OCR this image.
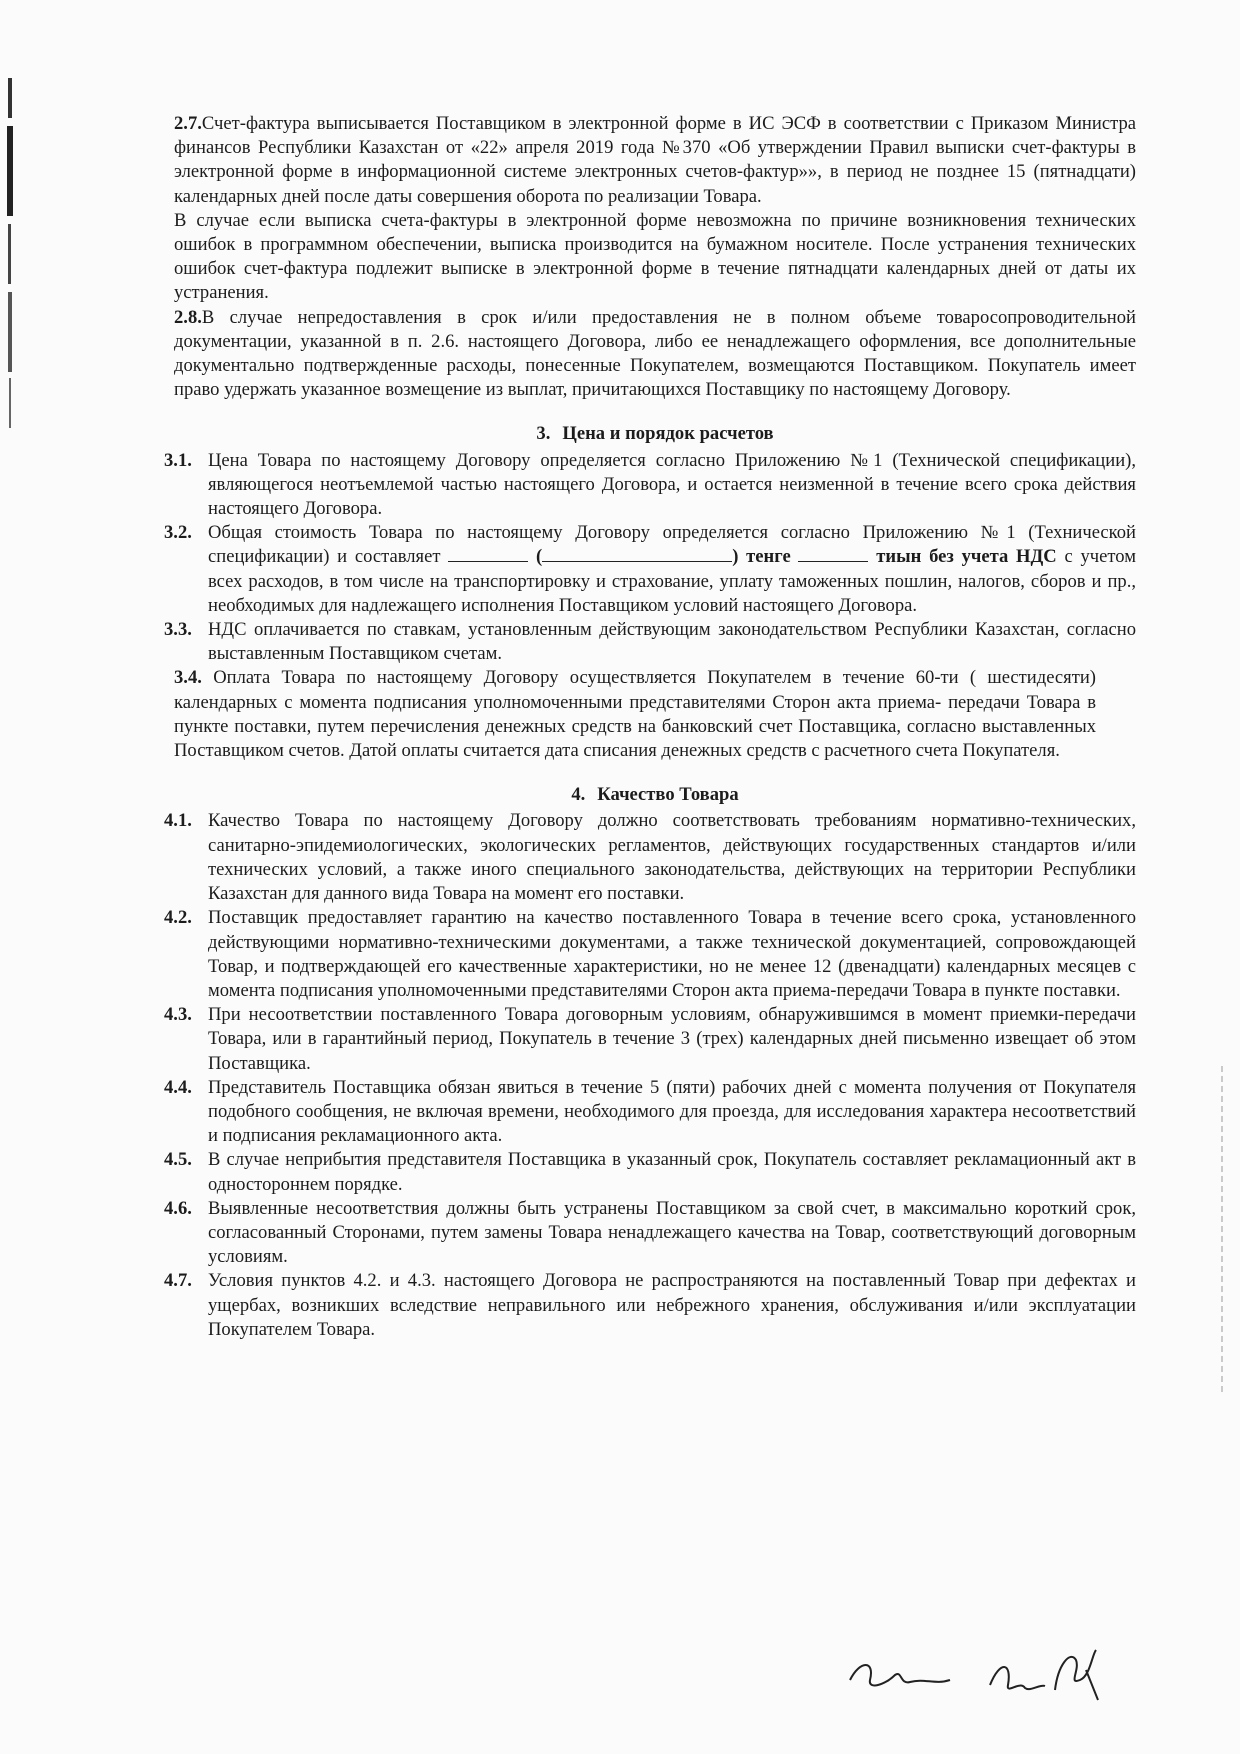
2.7.Счет-фактура выписывается Поставщиком в электронной форме в ИС ЭСФ в соответствии с Приказом Министра финансов Республики Казахстан от «22» апреля 2019 года №370 «Об утверждении Правил выписки счет-фактуры в электронной форме в информационной системе электронных счетов-фактур»», в период не позднее 15 (пятнадцати) календарных дней после даты совершения оборота по реализации Товара.

В случае если выписка счета-фактуры в электронной форме невозможна по причине возникновения технических ошибок в программном обеспечении, выписка производится на бумажном носителе. После устранения технических ошибок счет-фактура подлежит выписке в электронной форме в течение пятнадцати календарных дней от даты их устранения.

2.8.В случае непредоставления в срок и/или предоставления не в полном объеме товаросопроводительной документации, указанной в п. 2.6. настоящего Договора, либо ее ненадлежащего оформления, все дополнительные документально подтвержденные расходы, понесенные Покупателем, возмещаются Поставщиком. Покупатель имеет право удержать указанное возмещение из выплат, причитающихся Поставщику по настоящему Договору.

3. Цена и порядок расчетов

3.1. Цена Товара по настоящему Договору определяется согласно Приложению №1 (Технической спецификации), являющегося неотъемлемой частью настоящего Договора, и остается неизменной в течение всего срока действия настоящего Договора.

3.2. Общая стоимость Товара по настоящему Договору определяется согласно Приложению №1 (Технической спецификации) и составляет	(	) тенге	тиын без учета НДС с учетом всех расходов, в том числе на транспортировку и страхование, уплату таможенных пошлин, налогов, сборов и пр., необходимых для надлежащего исполнения Поставщиком условий настоящего Договора.

3.3. НДС оплачивается по ставкам, установленным действующим законодательством Республики Казахстан, согласно выставленным Поставщиком счетам.

3.4. Оплата Товара по настоящему Договору осуществляется Покупателем в течение 60-ти ( шестидесяти) календарных с момента подписания уполномоченными представителями Сторон акта приема- передачи Товара в пункте поставки, путем перечисления денежных средств на банковский счет Поставщика, согласно выставленных Поставщиком счетов. Датой оплаты считается дата списания денежных средств с расчетного счета Покупателя.

4. Качество Товара

4.1. Качество Товара по настоящему Договору должно соответствовать требованиям нормативно-технических, санитарно-эпидемиологических, экологических регламентов, действующих государственных стандартов и/или технических условий, а также иного специального законодательства, действующих на территории Республики Казахстан для данного вида Товара на момент его поставки.

4.2. Поставщик предоставляет гарантию на качество поставленного Товара в течение всего срока, установленного действующими нормативно-техническими документами, а также технической документацией, сопровождающей Товар, и подтверждающей его качественные характеристики, но не менее 12 (двенадцати) календарных месяцев с момента подписания уполномоченными представителями Сторон акта приема-передачи Товара в пункте поставки.

4.3. При несоответствии поставленного Товара договорным условиям, обнаружившимся в момент приемки-передачи Товара, или в гарантийный период, Покупатель в течение 3 (трех) календарных дней письменно извещает об этом Поставщика.

4.4. Представитель Поставщика обязан явиться в течение 5 (пяти) рабочих дней с момента получения от Покупателя подобного сообщения, не включая времени, необходимого для проезда, для исследования характера несоответствий и подписания рекламационного акта.

4.5. В случае неприбытия представителя Поставщика в указанный срок, Покупатель составляет рекламационный акт в одностороннем порядке.

4.6. Выявленные несоответствия должны быть устранены Поставщиком за свой счет, в максимально короткий срок, согласованный Сторонами, путем замены Товара ненадлежащего качества на Товар, соответствующий договорным условиям.

4.7. Условия пунктов 4.2. и 4.3. настоящего Договора не распространяются на поставленный Товар при дефектах и ущербах, возникших вследствие неправильного или небрежного хранения, обслуживания и/или эксплуатации Покупателем Товара.
